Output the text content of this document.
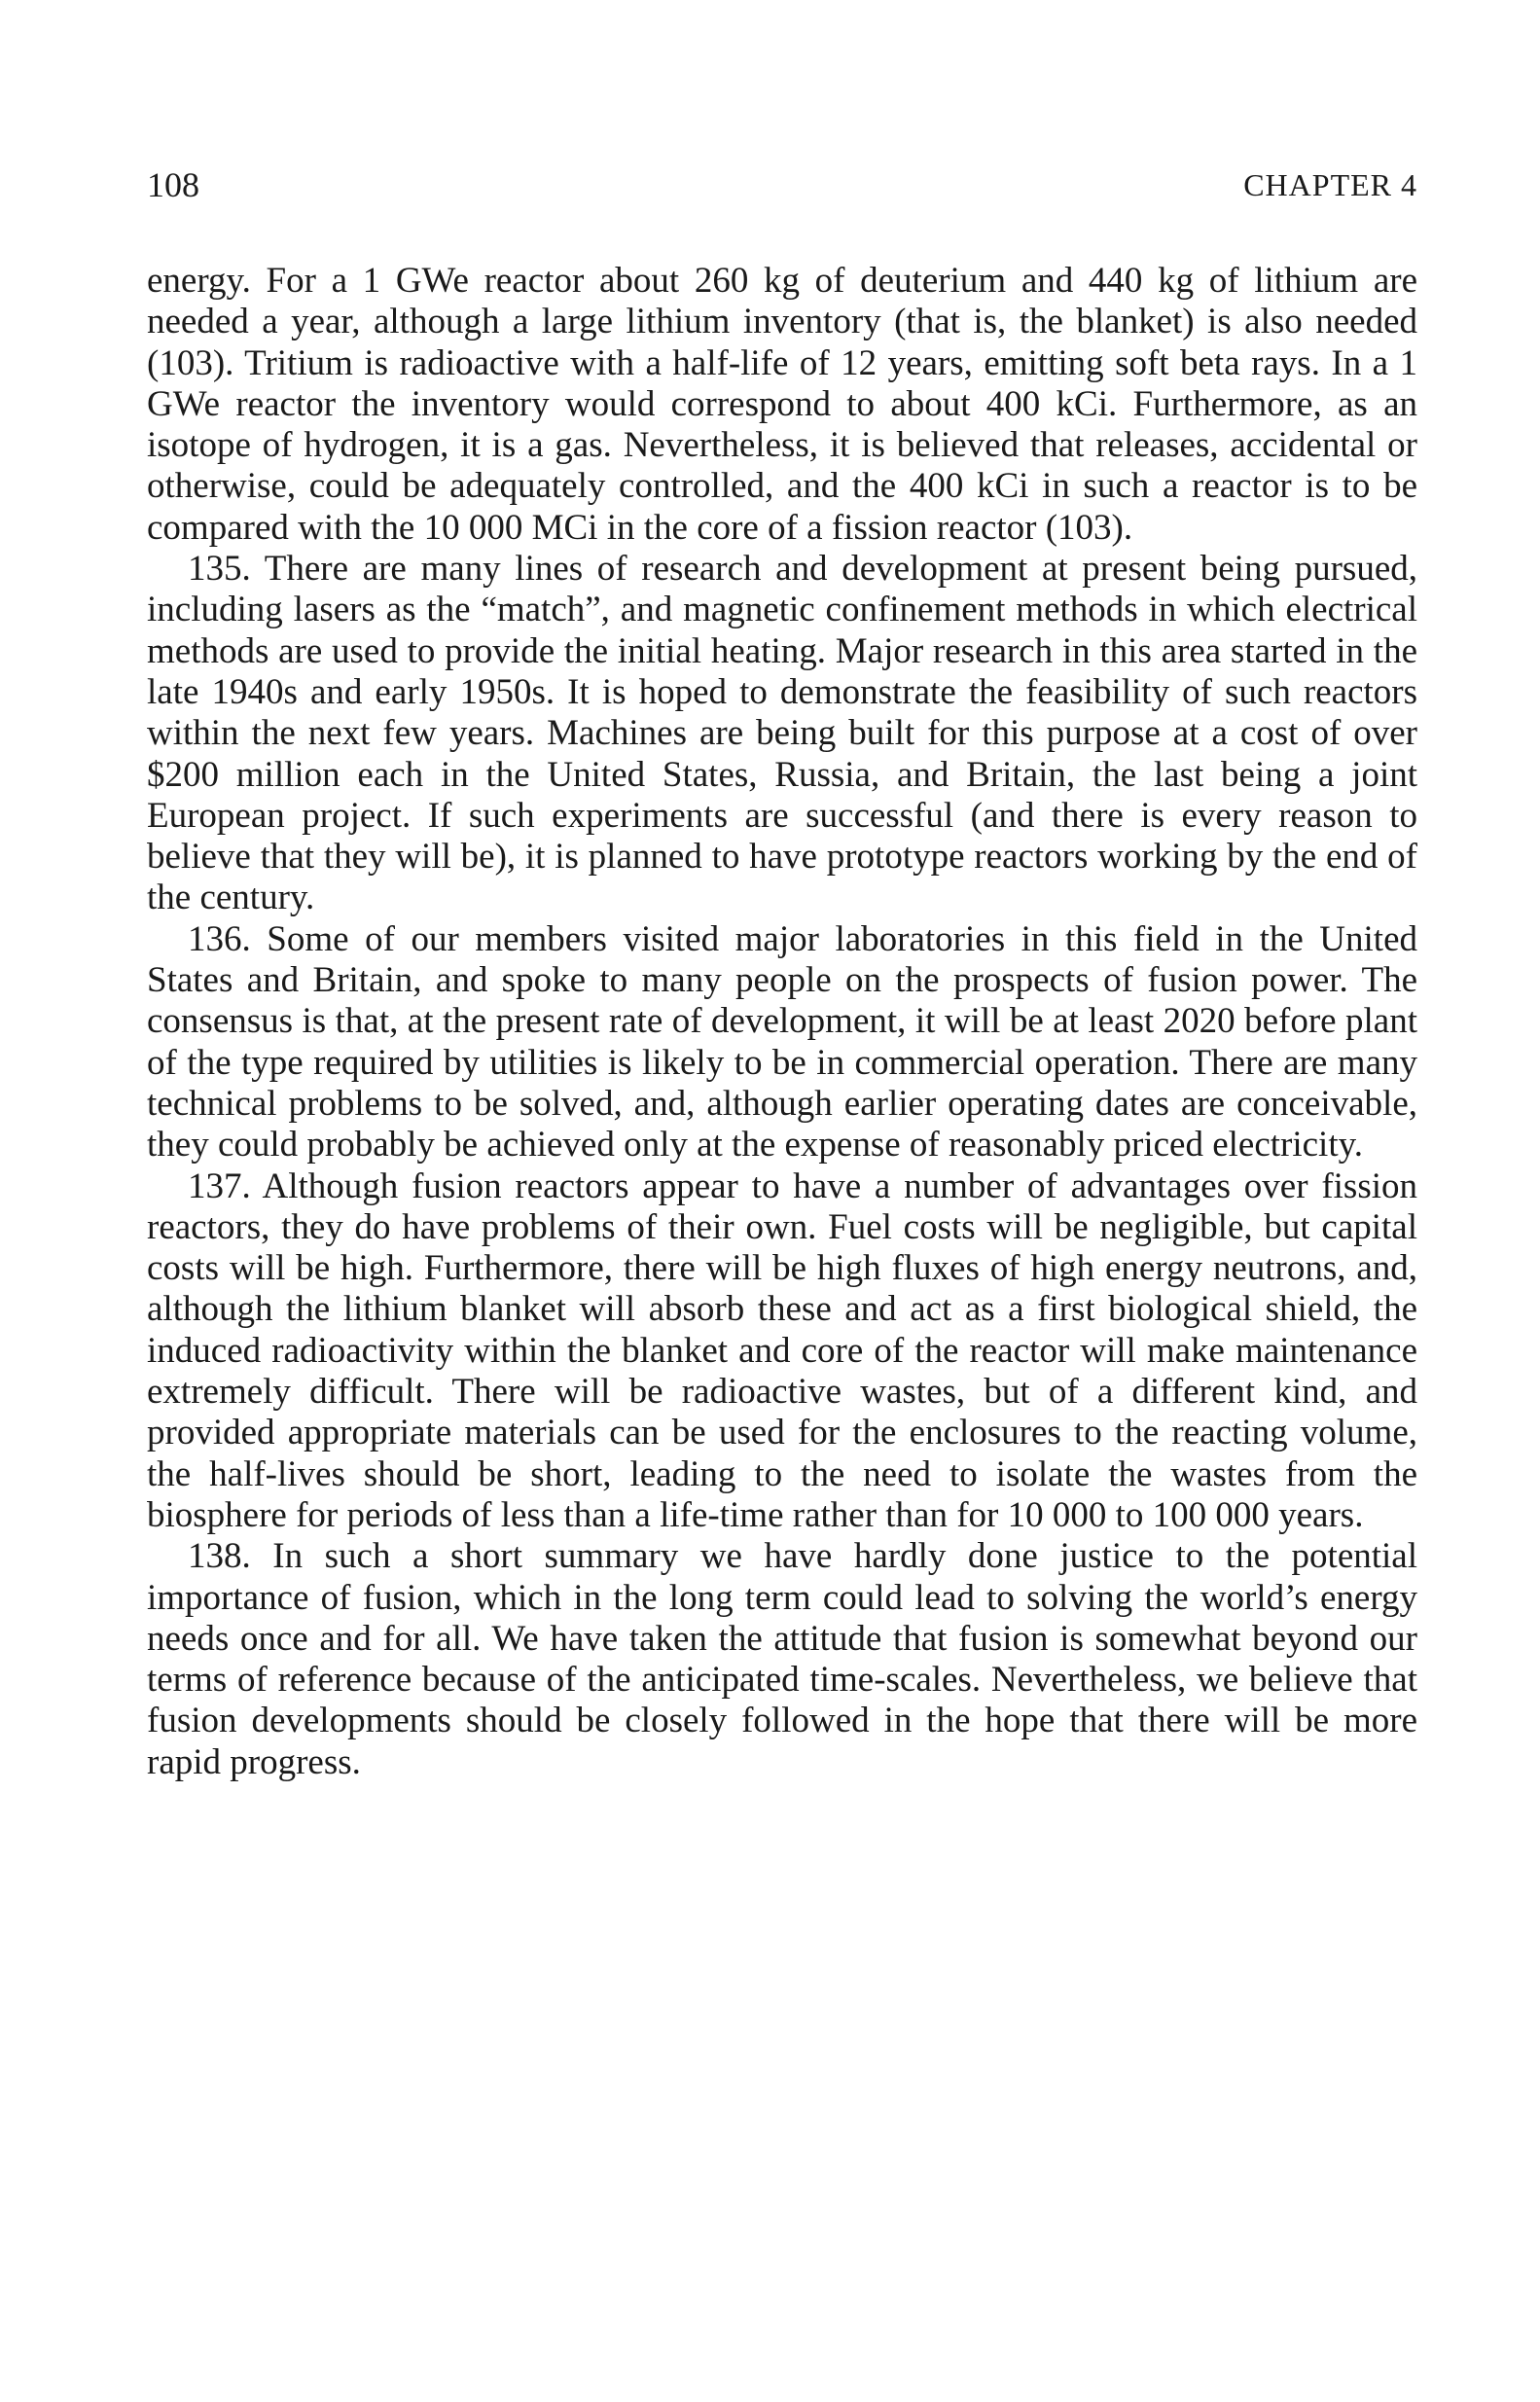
108	CHAPTER 4

energy. For a 1 GWe reactor about 260 kg of deuterium and 440 kg of lithium are needed a year, although a large lithium inventory (that is, the blanket) is also needed (103). Tritium is radioactive with a half-life of 12 years, emitting soft beta rays. In a 1 GWe reactor the inventory would correspond to about 400 kCi. Furthermore, as an isotope of hydrogen, it is a gas. Nevertheless, it is believed that releases, accidental or otherwise, could be adequately controlled, and the 400 kCi in such a reactor is to be compared with the 10 000 MCi in the core of a fission reactor (103).

135. There are many lines of research and development at present being pursued, including lasers as the “match”, and magnetic confinement methods in which electrical methods are used to provide the initial heating. Major research in this area started in the late 1940s and early 1950s. It is hoped to demonstrate the feasibility of such reactors within the next few years. Machines are being built for this purpose at a cost of over $200 million each in the United States, Russia, and Britain, the last being a joint European project. If such experiments are successful (and there is every reason to believe that they will be), it is planned to have prototype reactors working by the end of the century.

136. Some of our members visited major laboratories in this field in the United States and Britain, and spoke to many people on the prospects of fusion power. The consensus is that, at the present rate of development, it will be at least 2020 before plant of the type required by utilities is likely to be in commercial operation. There are many technical problems to be solved, and, although earlier operating dates are conceivable, they could probably be achieved only at the expense of reasonably priced electricity.

137. Although fusion reactors appear to have a number of advantages over fission reactors, they do have problems of their own. Fuel costs will be negligible, but capital costs will be high. Furthermore, there will be high fluxes of high energy neutrons, and, although the lithium blanket will absorb these and act as a first biological shield, the induced radioactivity within the blanket and core of the reactor will make maintenance extremely difficult. There will be radioactive wastes, but of a different kind, and provided appropriate materials can be used for the enclosures to the reacting volume, the half-lives should be short, leading to the need to isolate the wastes from the biosphere for periods of less than a life-time rather than for 10 000 to 100 000 years.

138. In such a short summary we have hardly done justice to the potential importance of fusion, which in the long term could lead to solving the world’s energy needs once and for all. We have taken the attitude that fusion is somewhat beyond our terms of reference because of the anticipated time-scales. Nevertheless, we believe that fusion developments should be closely followed in the hope that there will be more rapid progress.
